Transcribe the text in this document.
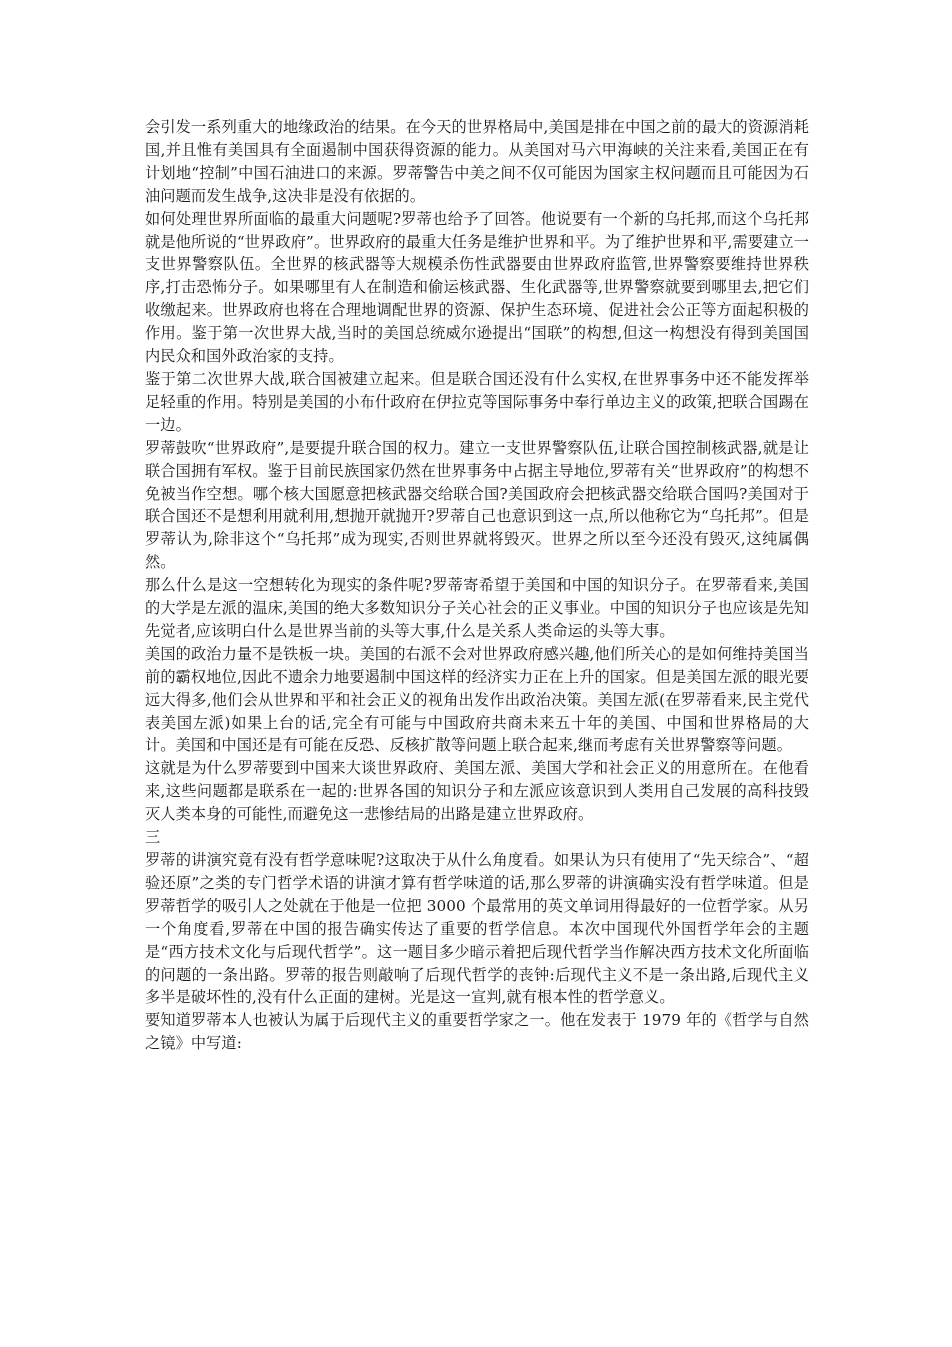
会引发一系列重大的地缘政治的结果。在今天的世界格局中,美国是排在中国之前的最大的资源消耗国,并且惟有美国具有全面遏制中国获得资源的能力。从美国对马六甲海峡的关注来看,美国正在有计划地“控制”中国石油进口的来源。罗蒂警告中美之间不仅可能因为国家主权问题而且可能因为石油问题而发生战争,这决非是没有依据的。

如何处理世界所面临的最重大问题呢?罗蒂也给予了回答。他说要有一个新的乌托邦,而这个乌托邦就是他所说的“世界政府”。世界政府的最重大任务是维护世界和平。为了维护世界和平,需要建立一支世界警察队伍。全世界的核武器等大规模杀伤性武器要由世界政府监管,世界警察要维持世界秩序,打击恐怖分子。如果哪里有人在制造和偷运核武器、生化武器等,世界警察就要到哪里去,把它们收缴起来。世界政府也将在合理地调配世界的资源、保护生态环境、促进社会公正等方面起积极的作用。鉴于第一次世界大战,当时的美国总统威尔逊提出“国联”的构想,但这一构想没有得到美国国内民众和国外政治家的支持。

鉴于第二次世界大战,联合国被建立起来。但是联合国还没有什么实权,在世界事务中还不能发挥举足轻重的作用。特别是美国的小布什政府在伊拉克等国际事务中奉行单边主义的政策,把联合国踢在一边。

罗蒂鼓吹“世界政府”,是要提升联合国的权力。建立一支世界警察队伍,让联合国控制核武器,就是让联合国拥有军权。鉴于目前民族国家仍然在世界事务中占据主导地位,罗蒂有关“世界政府”的构想不免被当作空想。哪个核大国愿意把核武器交给联合国?美国政府会把核武器交给联合国吗?美国对于联合国还不是想利用就利用,想抛开就抛开?罗蒂自己也意识到这一点,所以他称它为“乌托邦”。但是罗蒂认为,除非这个“乌托邦”成为现实,否则世界就将毁灭。世界之所以至今还没有毁灭,这纯属偶然。

那么什么是这一空想转化为现实的条件呢?罗蒂寄希望于美国和中国的知识分子。在罗蒂看来,美国的大学是左派的温床,美国的绝大多数知识分子关心社会的正义事业。中国的知识分子也应该是先知先觉者,应该明白什么是世界当前的头等大事,什么是关系人类命运的头等大事。

美国的政治力量不是铁板一块。美国的右派不会对世界政府感兴趣,他们所关心的是如何维持美国当前的霸权地位,因此不遗余力地要遏制中国这样的经济实力正在上升的国家。但是美国左派的眼光要远大得多,他们会从世界和平和社会正义的视角出发作出政治决策。美国左派(在罗蒂看来,民主党代表美国左派)如果上台的话,完全有可能与中国政府共商未来五十年的美国、中国和世界格局的大计。美国和中国还是有可能在反恐、反核扩散等问题上联合起来,继而考虑有关世界警察等问题。

这就是为什么罗蒂要到中国来大谈世界政府、美国左派、美国大学和社会正义的用意所在。在他看来,这些问题都是联系在一起的:世界各国的知识分子和左派应该意识到人类用自己发展的高科技毁灭人类本身的可能性,而避免这一悲惨结局的出路是建立世界政府。

三

罗蒂的讲演究竟有没有哲学意味呢?这取决于从什么角度看。如果认为只有使用了“先天综合”、“超验还原”之类的专门哲学术语的讲演才算有哲学味道的话,那么罗蒂的讲演确实没有哲学味道。但是罗蒂哲学的吸引人之处就在于他是一位把 3000 个最常用的英文单词用得最好的一位哲学家。从另一个角度看,罗蒂在中国的报告确实传达了重要的哲学信息。本次中国现代外国哲学年会的主题是“西方技术文化与后现代哲学”。这一题目多少暗示着把后现代哲学当作解决西方技术文化所面临的问题的一条出路。罗蒂的报告则敲响了后现代哲学的丧钟:后现代主义不是一条出路,后现代主义多半是破坏性的,没有什么正面的建树。光是这一宣判,就有根本性的哲学意义。

要知道罗蒂本人也被认为属于后现代主义的重要哲学家之一。他在发表于 1979 年的《哲学与自然之镜》中写道:
